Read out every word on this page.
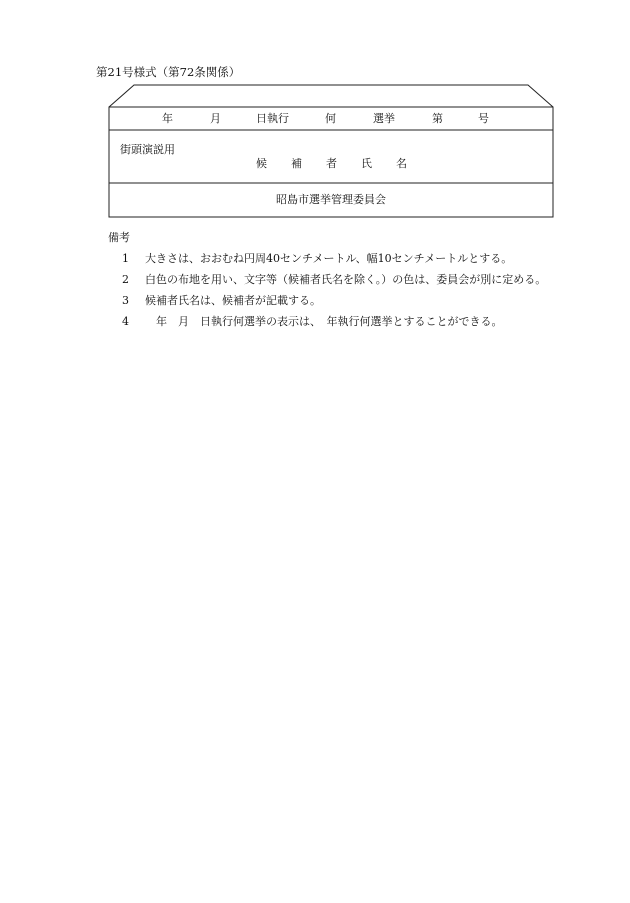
第21号様式（第72条関係）
年	月	日執行	何	選挙	第	号
街頭演説用
候 補 者 氏 名
昭島市選挙管理委員会
備考
1 大きさは、おおむね円周40センチメートル、幅10センチメートルとする。
2 白色の布地を用い、文字等（候補者氏名を除く。）の色は、委員会が別に定める。
3 候補者氏名は、候補者が記載する。
4　年　月　日執行何選挙の表示は、　年執行何選挙とすることができる。
